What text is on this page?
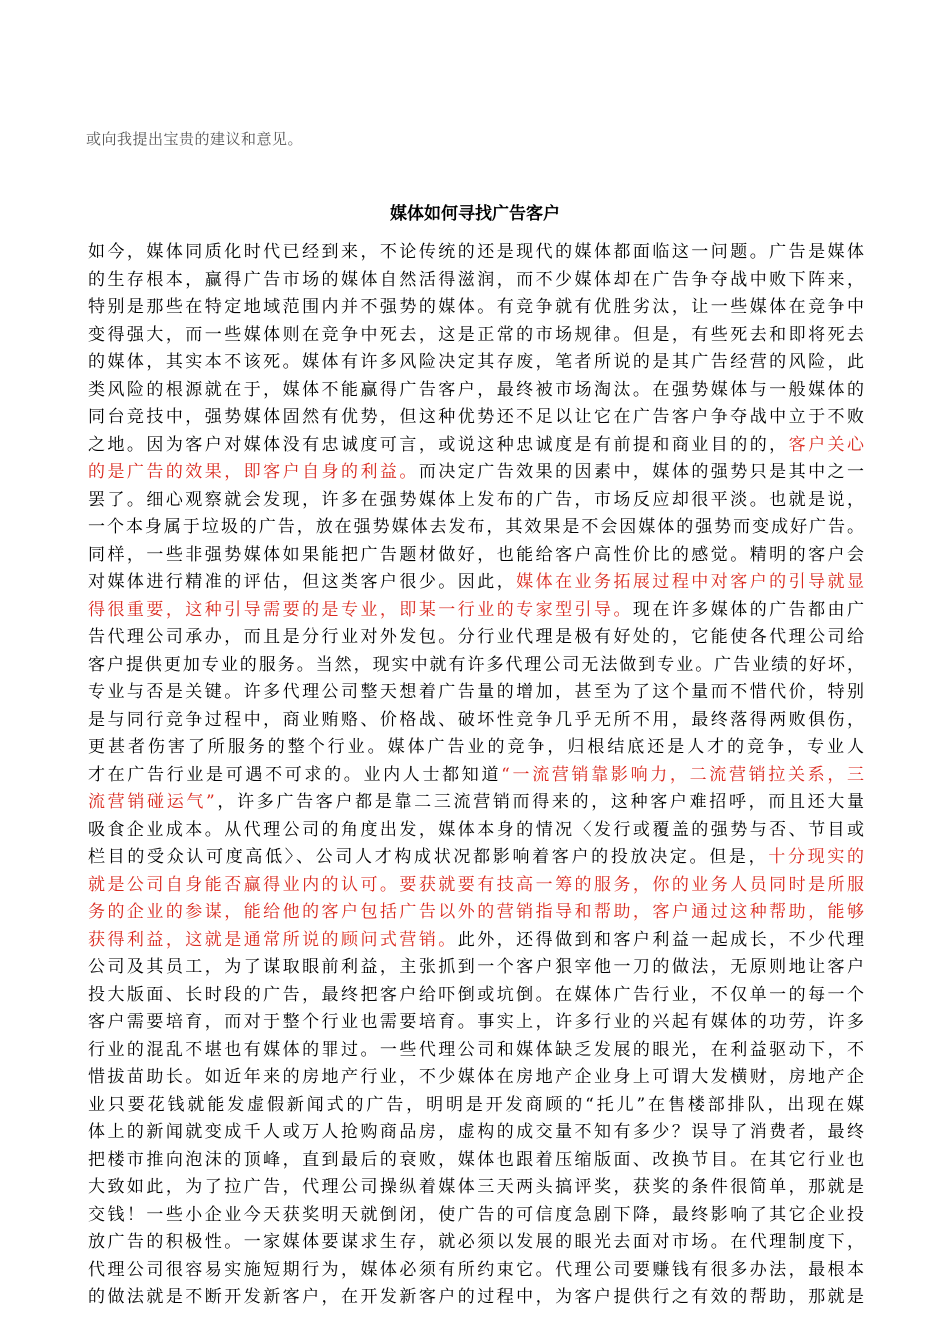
或向我提出宝贵的建议和意见。
媒体如何寻找广告客户
如今，媒体同质化时代已经到来，不论传统的还是现代的媒体都面临这一问题。广告是媒体
的生存根本，赢得广告市场的媒体自然活得滋润，而不少媒体却在广告争夺战中败下阵来，
特别是那些在特定地域范围内并不强势的媒体。有竞争就有优胜劣汰，让一些媒体在竞争中
变得强大，而一些媒体则在竞争中死去，这是正常的市场规律。但是，有些死去和即将死去
的媒体，其实本不该死。媒体有许多风险决定其存废，笔者所说的是其广告经营的风险，此
类风险的根源就在于，媒体不能赢得广告客户，最终被市场淘汰。在强势媒体与一般媒体的
同台竞技中，强势媒体固然有优势，但这种优势还不足以让它在广告客户争夺战中立于不败
之地。因为客户对媒体没有忠诚度可言，或说这种忠诚度是有前提和商业目的的，客户关心
的是广告的效果，即客户自身的利益。而决定广告效果的因素中，媒体的强势只是其中之一
罢了。细心观察就会发现，许多在强势媒体上发布的广告，市场反应却很平淡。也就是说，
一个本身属于垃圾的广告，放在强势媒体去发布，其效果是不会因媒体的强势而变成好广告。
同样，一些非强势媒体如果能把广告题材做好，也能给客户高性价比的感觉。精明的客户会
对媒体进行精准的评估，但这类客户很少。因此，媒体在业务拓展过程中对客户的引导就显
得很重要，这种引导需要的是专业，即某一行业的专家型引导。现在许多媒体的广告都由广
告代理公司承办，而且是分行业对外发包。分行业代理是极有好处的，它能使各代理公司给
客户提供更加专业的服务。当然，现实中就有许多代理公司无法做到专业。广告业绩的好坏，
专业与否是关键。许多代理公司整天想着广告量的增加，甚至为了这个量而不惜代价，特别
是与同行竞争过程中，商业贿赂、价格战、破坏性竞争几乎无所不用，最终落得两败俱伤，
更甚者伤害了所服务的整个行业。媒体广告业的竞争，归根结底还是人才的竞争，专业人
才在广告行业是可遇不可求的。业内人士都知道“一流营销靠影响力，二流营销拉关系，三
流营销碰运气”，许多广告客户都是靠二三流营销而得来的，这种客户难招呼，而且还大量
吸食企业成本。从代理公司的角度出发，媒体本身的情况〈发行或覆盖的强势与否、节目或
栏目的受众认可度高低〉、公司人才构成状况都影响着客户的投放决定。但是，十分现实的
就是公司自身能否赢得业内的认可。要获就要有技高一筹的服务，你的业务人员同时是所服
务的企业的参谋，能给他的客户包括广告以外的营销指导和帮助，客户通过这种帮助，能够
获得利益，这就是通常所说的顾问式营销。此外，还得做到和客户利益一起成长，不少代理
公司及其员工，为了谋取眼前利益，主张抓到一个客户狠宰他一刀的做法，无原则地让客户
投大版面、长时段的广告，最终把客户给吓倒或坑倒。在媒体广告行业，不仅单一的每一个
客户需要培育，而对于整个行业也需要培育。事实上，许多行业的兴起有媒体的功劳，许多
行业的混乱不堪也有媒体的罪过。一些代理公司和媒体缺乏发展的眼光，在利益驱动下，不
惜拔苗助长。如近年来的房地产行业，不少媒体在房地产企业身上可谓大发横财，房地产企
业只要花钱就能发虚假新闻式的广告，明明是开发商顾的“托儿”在售楼部排队，出现在媒
体上的新闻就变成千人或万人抢购商品房，虚构的成交量不知有多少？误导了消费者，最终
把楼市推向泡沫的顶峰，直到最后的衰败，媒体也跟着压缩版面、改换节目。在其它行业也
大致如此，为了拉广告，代理公司操纵着媒体三天两头搞评奖，获奖的条件很简单，那就是
交钱！一些小企业今天获奖明天就倒闭，使广告的可信度急剧下降，最终影响了其它企业投
放广告的积极性。一家媒体要谋求生存，就必须以发展的眼光去面对市场。在代理制度下，
代理公司很容易实施短期行为，媒体必须有所约束它。代理公司要赚钱有很多办法，最根本
的做法就是不断开发新客户，在开发新客户的过程中，为客户提供行之有效的帮助，那就是
